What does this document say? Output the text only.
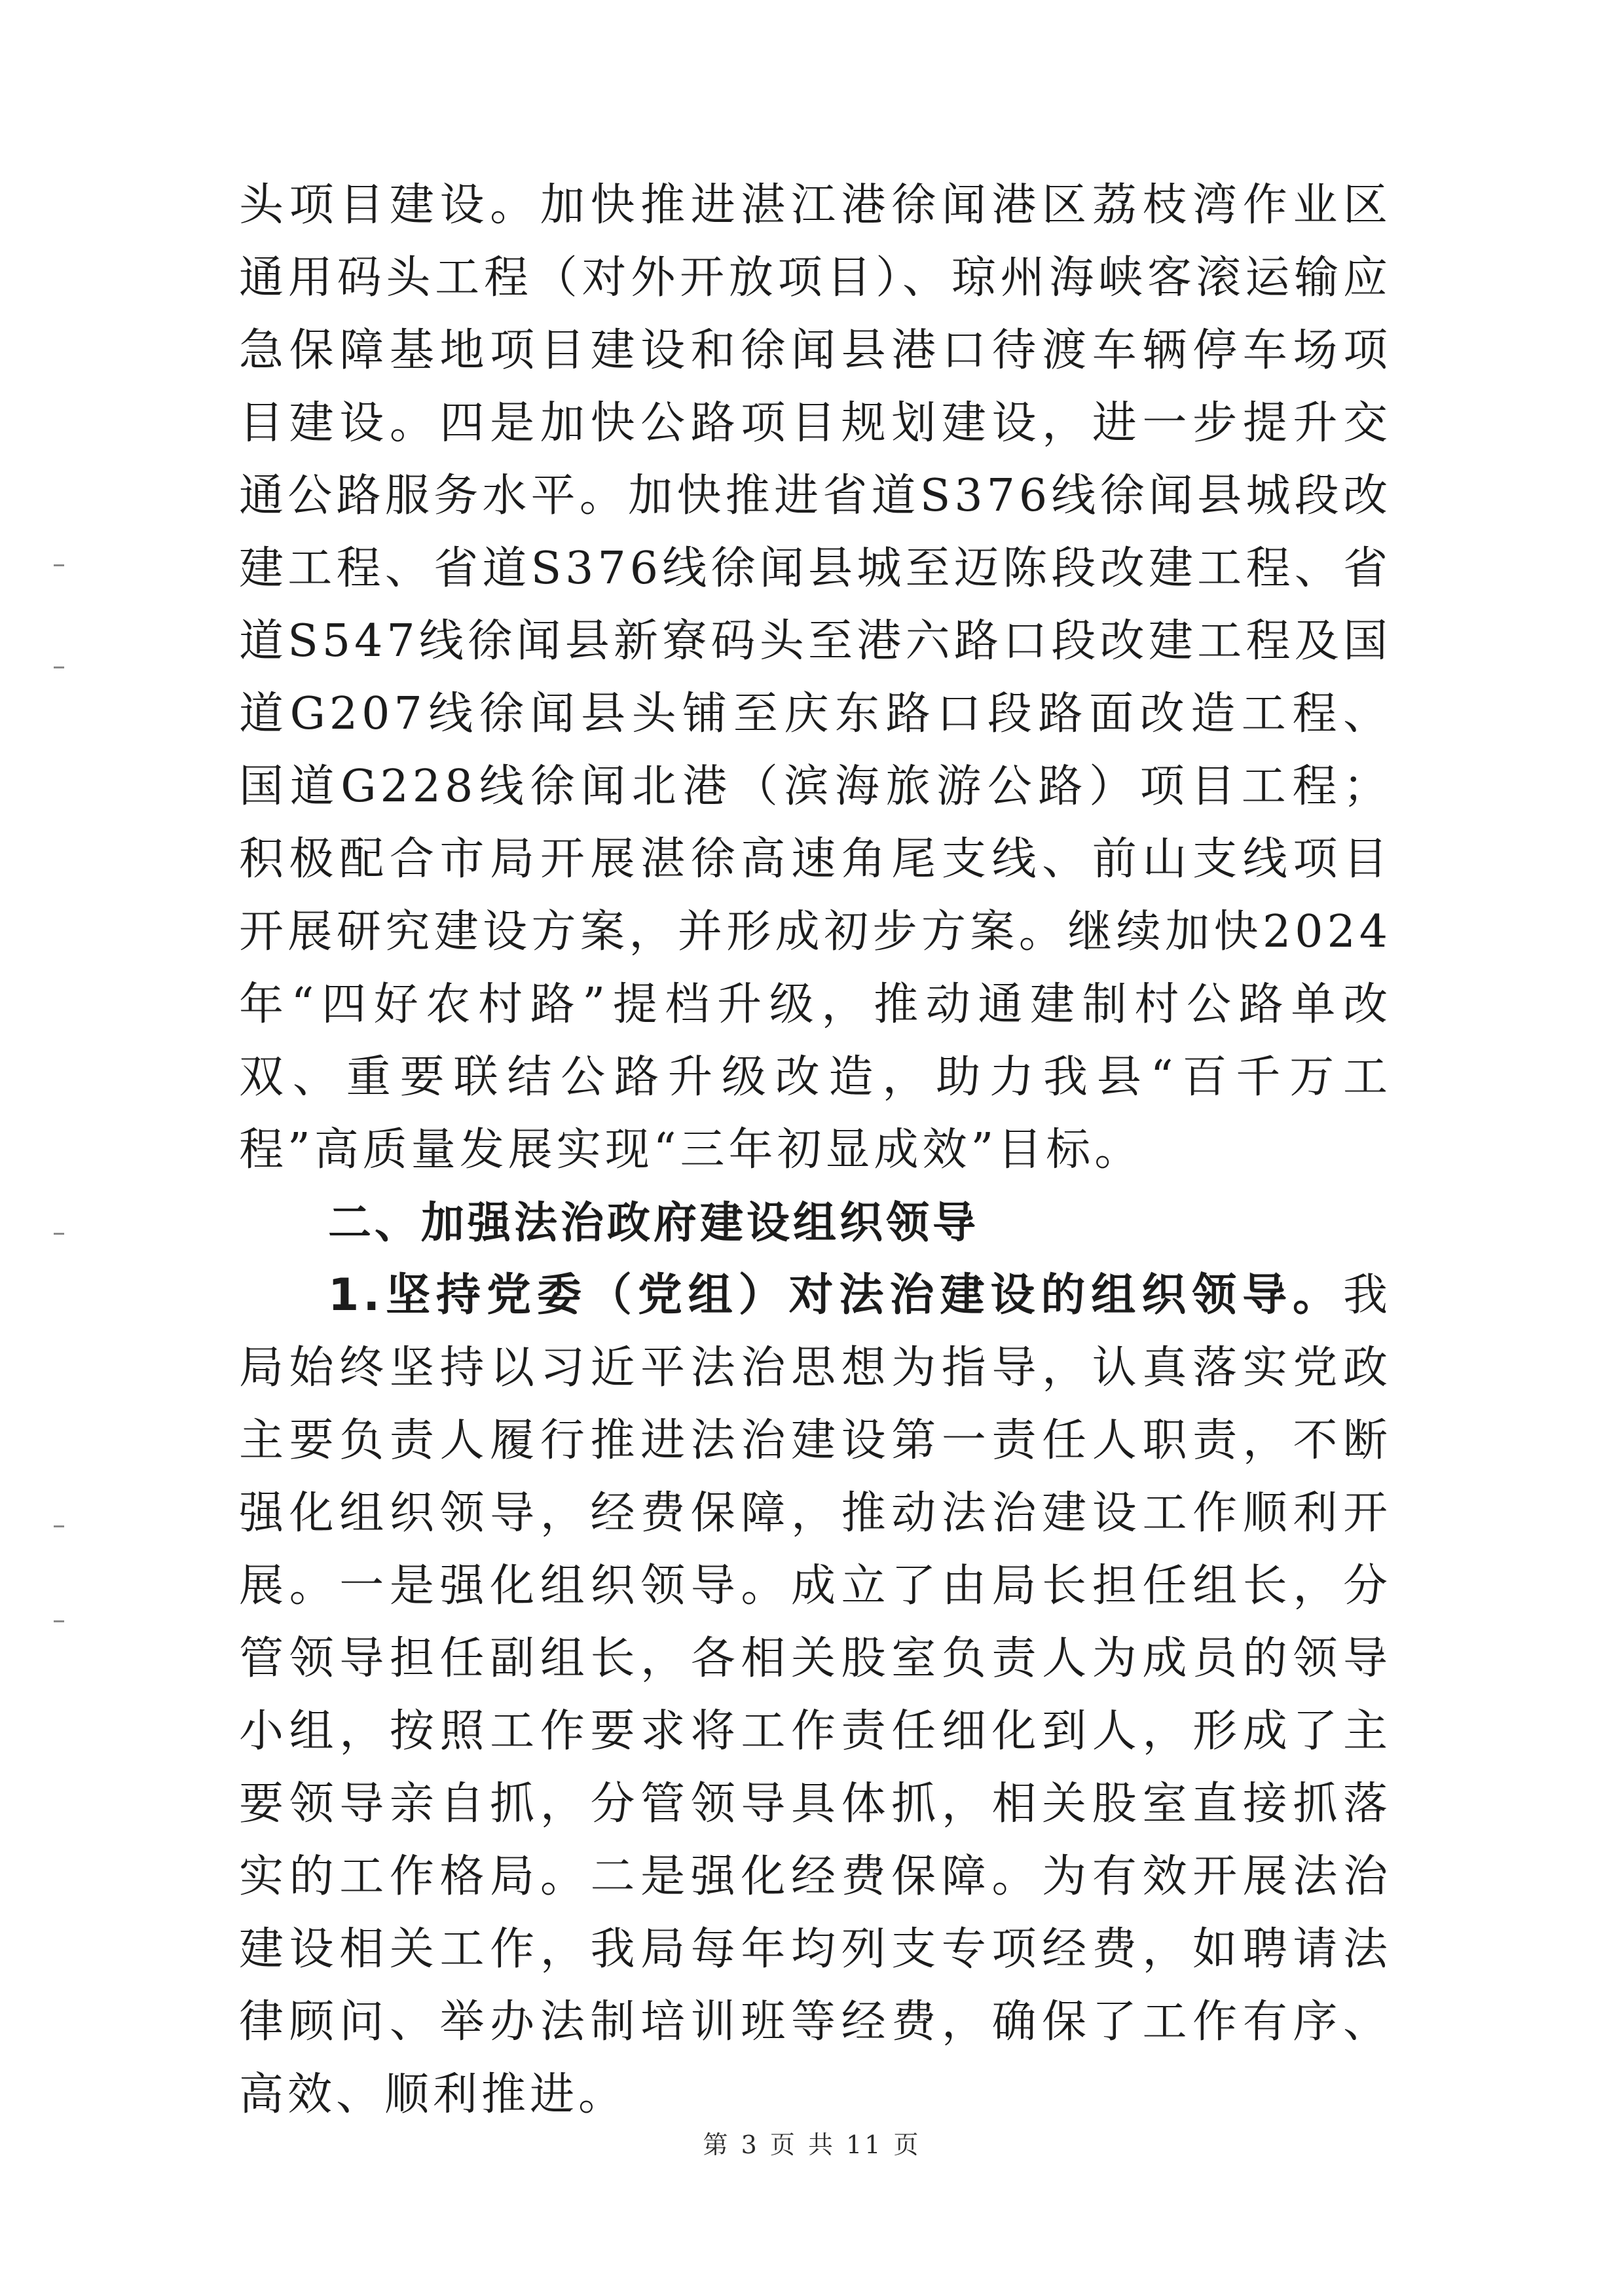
头项目建设。加快推进湛江港徐闻港区荔枝湾作业区通用码头工程（对外开放项目）、琼州海峡客滚运输应急保障基地项目建设和徐闻县港口待渡车辆停车场项目建设。四是加快公路项目规划建设，进一步提升交通公路服务水平。加快推进省道S376线徐闻县城段改建工程、省道S376线徐闻县城至迈陈段改建工程、省道S547线徐闻县新寮码头至港六路口段改建工程及国道G207线徐闻县头铺至庆东路口段路面改造工程、国道G228线徐闻北港（滨海旅游公路）项目工程；积极配合市局开展湛徐高速角尾支线、前山支线项目开展研究建设方案，并形成初步方案。继续加快2024年“四好农村路”提档升级，推动通建制村公路单改双、重要联结公路升级改造，助力我县“百千万工程”高质量发展实现“三年初显成效”目标。

二、加强法治政府建设组织领导

1.坚持党委（党组）对法治建设的组织领导。我局始终坚持以习近平法治思想为指导，认真落实党政主要负责人履行推进法治建设第一责任人职责，不断强化组织领导，经费保障，推动法治建设工作顺利开展。一是强化组织领导。成立了由局长担任组长，分管领导担任副组长，各相关股室负责人为成员的领导小组，按照工作要求将工作责任细化到人，形成了主要领导亲自抓，分管领导具体抓，相关股室直接抓落实的工作格局。二是强化经费保障。为有效开展法治建设相关工作，我局每年均列支专项经费，如聘请法律顾问、举办法制培训班等经费，确保了工作有序、高效、顺利推进。

第 3 页 共 11 页
